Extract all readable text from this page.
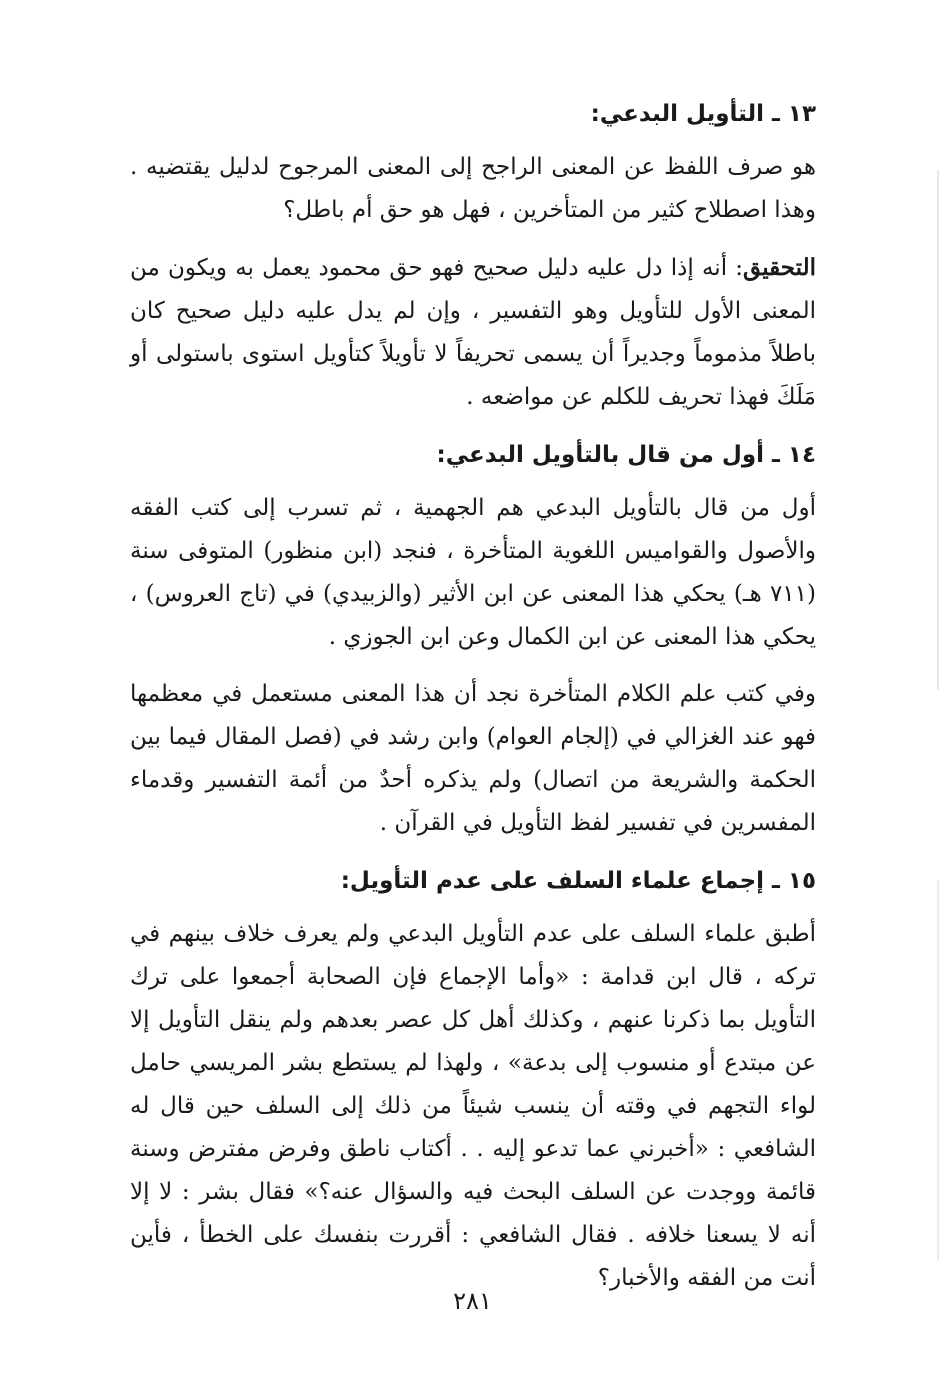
١٣ ـ التأويل البدعي:

هو صرف اللفظ عن المعنى الراجح إلى المعنى المرجوح لدليل يقتضيه . وهذا اصطلاح كثير من المتأخرين ، فهل هو حق أم باطل؟

التحقيق: أنه إذا دل عليه دليل صحيح فهو حق محمود يعمل به ويكون من المعنى الأول للتأويل وهو التفسير ، وإن لم يدل عليه دليل صحيح كان باطلاً مذموماً وجديراً أن يسمى تحريفاً لا تأويلاً كتأويل استوى باستولى أو مَلَكَ فهذا تحريف للكلم عن مواضعه .

١٤ ـ أول من قال بالتأويل البدعي:

أول من قال بالتأويل البدعي هم الجهمية ، ثم تسرب إلى كتب الفقه والأصول والقواميس اللغوية المتأخرة ، فنجد (ابن منظور) المتوفى سنة (٧١١ هـ) يحكي هذا المعنى عن ابن الأثير (والزبيدي) في (تاج العروس) ، يحكي هذا المعنى عن ابن الكمال وعن ابن الجوزي .

وفي كتب علم الكلام المتأخرة نجد أن هذا المعنى مستعمل في معظمها فهو عند الغزالي في (إلجام العوام) وابن رشد في (فصل المقال فيما بين الحكمة والشريعة من اتصال) ولم يذكره أحدٌ من أئمة التفسير وقدماء المفسرين في تفسير لفظ التأويل في القرآن .

١٥ ـ إجماع علماء السلف على عدم التأويل:

أطبق علماء السلف على عدم التأويل البدعي ولم يعرف خلاف بينهم في تركه ، قال ابن قدامة : «وأما الإجماع فإن الصحابة أجمعوا على ترك التأويل بما ذكرنا عنهم ، وكذلك أهل كل عصر بعدهم ولم ينقل التأويل إلا عن مبتدع أو منسوب إلى بدعة» ، ولهذا لم يستطع بشر المريسي حامل لواء التجهم في وقته أن ينسب شيئاً من ذلك إلى السلف حين قال له الشافعي : «أخبرني عما تدعو إليه . . أكتاب ناطق وفرض مفترض وسنة قائمة ووجدت عن السلف البحث فيه والسؤال عنه؟» فقال بشر : لا إلا أنه لا يسعنا خلافه . فقال الشافعي : أقررت بنفسك على الخطأ ، فأين أنت من الفقه والأخبار؟

٢٨١
